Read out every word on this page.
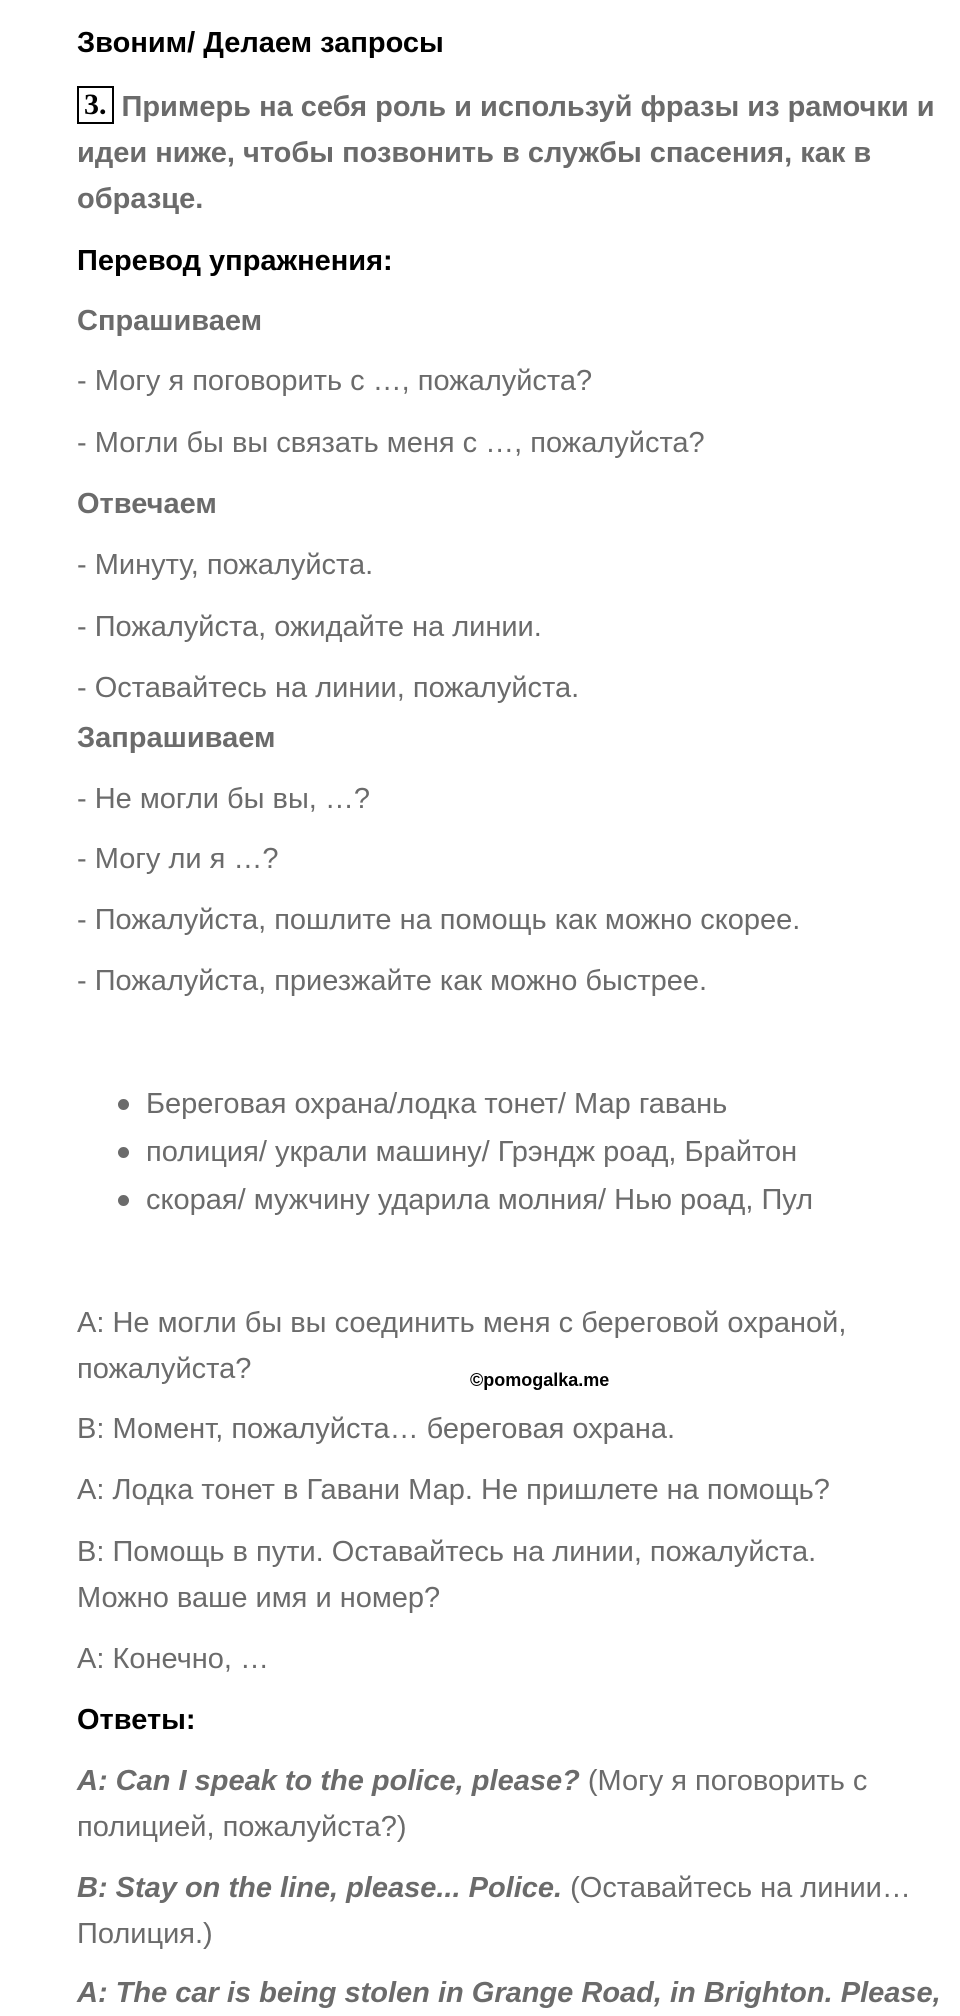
Звоним/ Делаем запросы
3. Примерь на себя роль и используй фразы из рамочки и
идеи ниже, чтобы позвонить в службы спасения, как в
образце.
Перевод упражнения:
Спрашиваем
- Могу я поговорить с …, пожалуйста?
- Могли бы вы связать меня с …, пожалуйста?
Отвечаем
- Минуту, пожалуйста.
- Пожалуйста, ожидайте на линии.
- Оставайтесь на линии, пожалуйста.
Запрашиваем
- Не могли бы вы, …?
- Могу ли я …?
- Пожалуйста, пошлите на помощь как можно скорее.
- Пожалуйста, приезжайте как можно быстрее.
Береговая охрана/лодка тонет/ Мар гавань
полиция/ украли машину/ Грэндж роад, Брайтон
скорая/ мужчину ударила молния/ Нью роад, Пул
А: Не могли бы вы соединить меня с береговой охраной,
пожалуйста?	©pomogalka.me
В: Момент, пожалуйста… береговая охрана.
А: Лодка тонет в Гавани Мар. Не пришлете на помощь?
В: Помощь в пути. Оставайтесь на линии, пожалуйста.
Можно ваше имя и номер?
А: Конечно, …
Ответы:
A: Can I speak to the police, please? (Могу я поговорить с
полицией, пожалуйста?)
B: Stay on the line, please... Police. (Оставайтесь на линии…
Полиция.)
A: The car is being stolen in Grange Road, in Brighton. Please,
